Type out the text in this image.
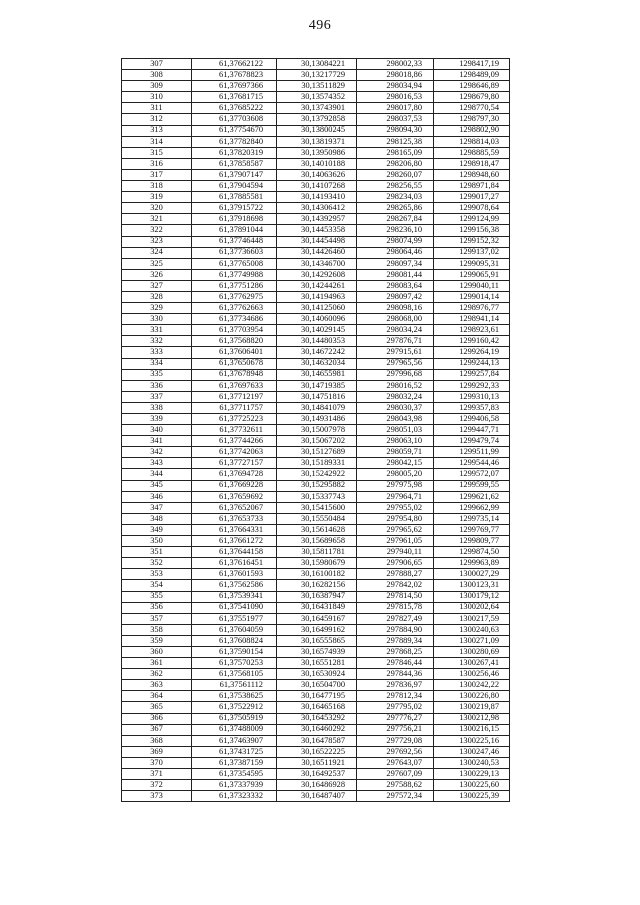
496
307	61,37662122	30,13084221	298002,33	1298417,19
308	61,37678823	30,13217729	298018,86	1298489,09
309	61,37697366	30,13511829	298034,94	1298646,89
310	61,37681715	30,13574352	298016,53	1298679,80
311	61,37685222	30,13743901	298017,80	1298770,54
312	61,37703608	30,13792858	298037,53	1298797,30
313	61,37754670	30,13800245	298094,30	1298802,90
314	61,37782840	30,13819371	298125,38	1298814,03
315	61,37820319	30,13950986	298165,09	1298885,59
316	61,37858587	30,14010188	298206,80	1298918,47
317	61,37907147	30,14063626	298260,07	1298948,60
318	61,37904594	30,14107268	298256,55	1298971,84
319	61,37885581	30,14193410	298234,03	1299017,27
320	61,37915722	30,14306412	298265,86	1299078,64
321	61,37918698	30,14392957	298267,84	1299124,99
322	61,37891044	30,14453358	298236,10	1299156,38
323	61,37746448	30,14454498	298074,99	1299152,32
324	61,37736603	30,14426460	298064,46	1299137,02
325	61,37765008	30,14346700	298097,34	1299095,31
326	61,37749988	30,14292608	298081,44	1299065,91
327	61,37751286	30,14244261	298083,64	1299040,11
328	61,37762975	30,14194963	298097,42	1299014,14
329	61,37762663	30,14125060	298098,16	1298976,77
330	61,37734686	30,14060096	298068,00	1298941,14
331	61,37703954	30,14029145	298034,24	1298923,61
332	61,37568820	30,14480353	297876,71	1299160,42
333	61,37606401	30,14672242	297915,61	1299264,19
334	61,37650678	30,14632034	297965,56	1299244,13
335	61,37678948	30,14655981	297996,68	1299257,84
336	61,37697633	30,14719385	298016,52	1299292,33
337	61,37712197	30,14751816	298032,24	1299310,13
338	61,37711757	30,14841079	298030,37	1299357,83
339	61,37725223	30,14931486	298043,98	1299406,58
340	61,37732611	30,15007978	298051,03	1299447,71
341	61,37744266	30,15067202	298063,10	1299479,74
342	61,37742063	30,15127689	298059,71	1299511,99
343	61,37727157	30,15189331	298042,15	1299544,46
344	61,37694728	30,15242922	298005,20	1299572,07
345	61,37669228	30,15295882	297975,98	1299599,55
346	61,37659692	30,15337743	297964,71	1299621,62
347	61,37652067	30,15415600	297955,02	1299662,99
348	61,37653733	30,15550484	297954,80	1299735,14
349	61,37664331	30,15614628	297965,62	1299769,77
350	61,37661272	30,15689658	297961,05	1299809,77
351	61,37644158	30,15811781	297940,11	1299874,50
352	61,37616451	30,15980679	297906,65	1299963,89
353	61,37601593	30,16100182	297888,27	1300027,29
354	61,37562586	30,16282156	297842,02	1300123,31
355	61,37539341	30,16387947	297814,50	1300179,12
356	61,37541090	30,16431849	297815,78	1300202,64
357	61,37551977	30,16459167	297827,49	1300217,59
358	61,37604059	30,16499162	297884,90	1300240,63
359	61,37608824	30,16555865	297889,34	1300271,09
360	61,37590154	30,16574939	297868,25	1300280,69
361	61,37570253	30,16551281	297846,44	1300267,41
362	61,37568105	30,16530924	297844,36	1300256,46
363	61,37561112	30,16504700	297836,97	1300242,22
364	61,37538625	30,16477195	297812,34	1300226,80
365	61,37522912	30,16465168	297795,02	1300219,87
366	61,37505919	30,16453292	297776,27	1300212,98
367	61,37488009	30,16460292	297756,21	1300216,15
368	61,37463907	30,16478587	297729,08	1300225,16
369	61,37431725	30,16522225	297692,56	1300247,46
370	61,37387159	30,16511921	297643,07	1300240,53
371	61,37354595	30,16492537	297607,09	1300229,13
372	61,37337939	30,16486928	297588,62	1300225,60
373	61,37323332	30,16487407	297572,34	1300225,39
